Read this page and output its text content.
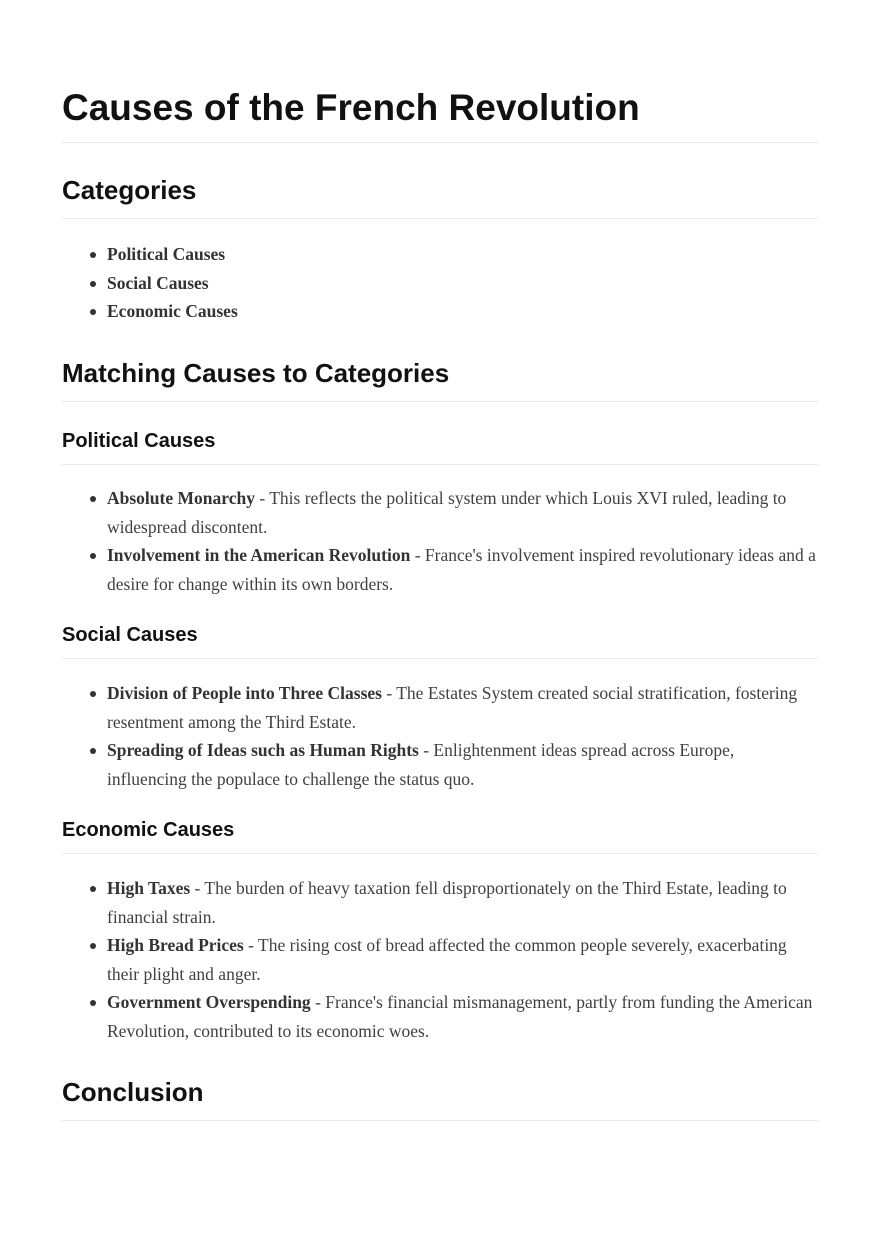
Causes of the French Revolution
Categories
Political Causes
Social Causes
Economic Causes
Matching Causes to Categories
Political Causes
Absolute Monarchy - This reflects the political system under which Louis XVI ruled, leading to widespread discontent.
Involvement in the American Revolution - France's involvement inspired revolutionary ideas and a desire for change within its own borders.
Social Causes
Division of People into Three Classes - The Estates System created social stratification, fostering resentment among the Third Estate.
Spreading of Ideas such as Human Rights - Enlightenment ideas spread across Europe, influencing the populace to challenge the status quo.
Economic Causes
High Taxes - The burden of heavy taxation fell disproportionately on the Third Estate, leading to financial strain.
High Bread Prices - The rising cost of bread affected the common people severely, exacerbating their plight and anger.
Government Overspending - France's financial mismanagement, partly from funding the American Revolution, contributed to its economic woes.
Conclusion
